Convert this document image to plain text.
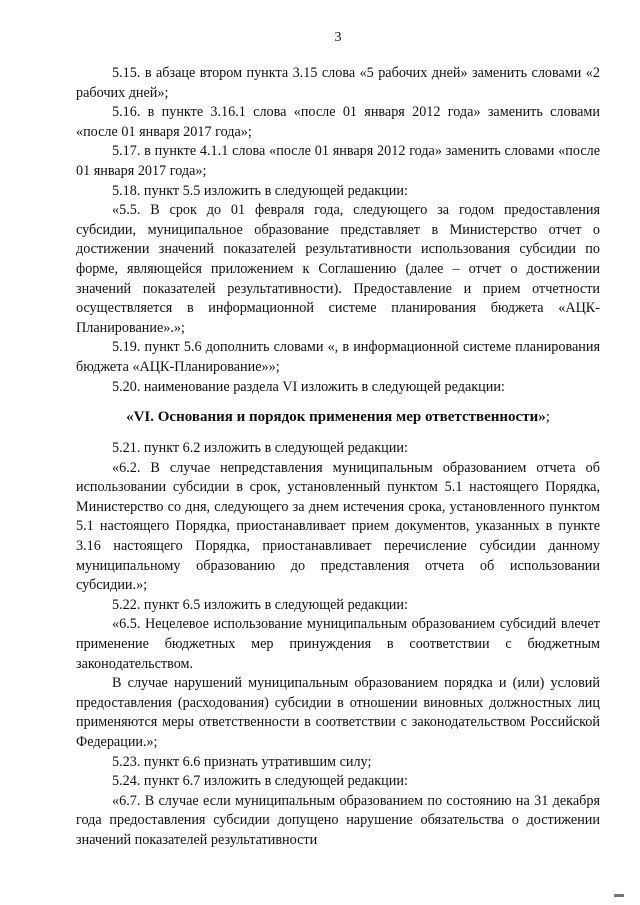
3

5.15. в абзаце втором пункта 3.15 слова «5 рабочих дней» заменить словами «2 рабочих дней»;

5.16. в пункте 3.16.1 слова «после 01 января 2012 года» заменить словами «после 01 января 2017 года»;

5.17. в пункте 4.1.1 слова «после 01 января 2012 года» заменить словами «после 01 января 2017 года»;

5.18. пункт 5.5 изложить в следующей редакции:

«5.5. В срок до 01 февраля года, следующего за годом предоставления субсидии, муниципальное образование представляет в Министерство отчет о достижении значений показателей результативности использования субсидии по форме, являющейся приложением к Соглашению (далее – отчет о достижении значений показателей результативности). Предоставление и прием отчетности осуществляется в информационной системе планирования бюджета «АЦК-Планирование».»;

5.19. пункт 5.6 дополнить словами «, в информационной системе планирования бюджета «АЦК-Планирование»»;

5.20. наименование раздела VI изложить в следующей редакции:

«VI. Основания и порядок применения мер ответственности»;

5.21. пункт 6.2 изложить в следующей редакции:

«6.2. В случае непредставления муниципальным образованием отчета об использовании субсидии в срок, установленный пунктом 5.1 настоящего Порядка, Министерство со дня, следующего за днем истечения срока, установленного пунктом 5.1 настоящего Порядка, приостанавливает прием документов, указанных в пункте 3.16 настоящего Порядка, приостанавливает перечисление субсидии данному муниципальному образованию до представления отчета об использовании субсидии.»;

5.22. пункт 6.5 изложить в следующей редакции:

«6.5. Нецелевое использование муниципальным образованием субсидий влечет применение бюджетных мер принуждения в соответствии с бюджетным законодательством.

В случае нарушений муниципальным образованием порядка и (или) условий предоставления (расходования) субсидии в отношении виновных должностных лиц применяются меры ответственности в соответствии с законодательством Российской Федерации.»;

5.23. пункт 6.6 признать утратившим силу;

5.24. пункт 6.7 изложить в следующей редакции:

«6.7. В случае если муниципальным образованием по состоянию на 31 декабря года предоставления субсидии допущено нарушение обязательства о достижении значений показателей результативности
